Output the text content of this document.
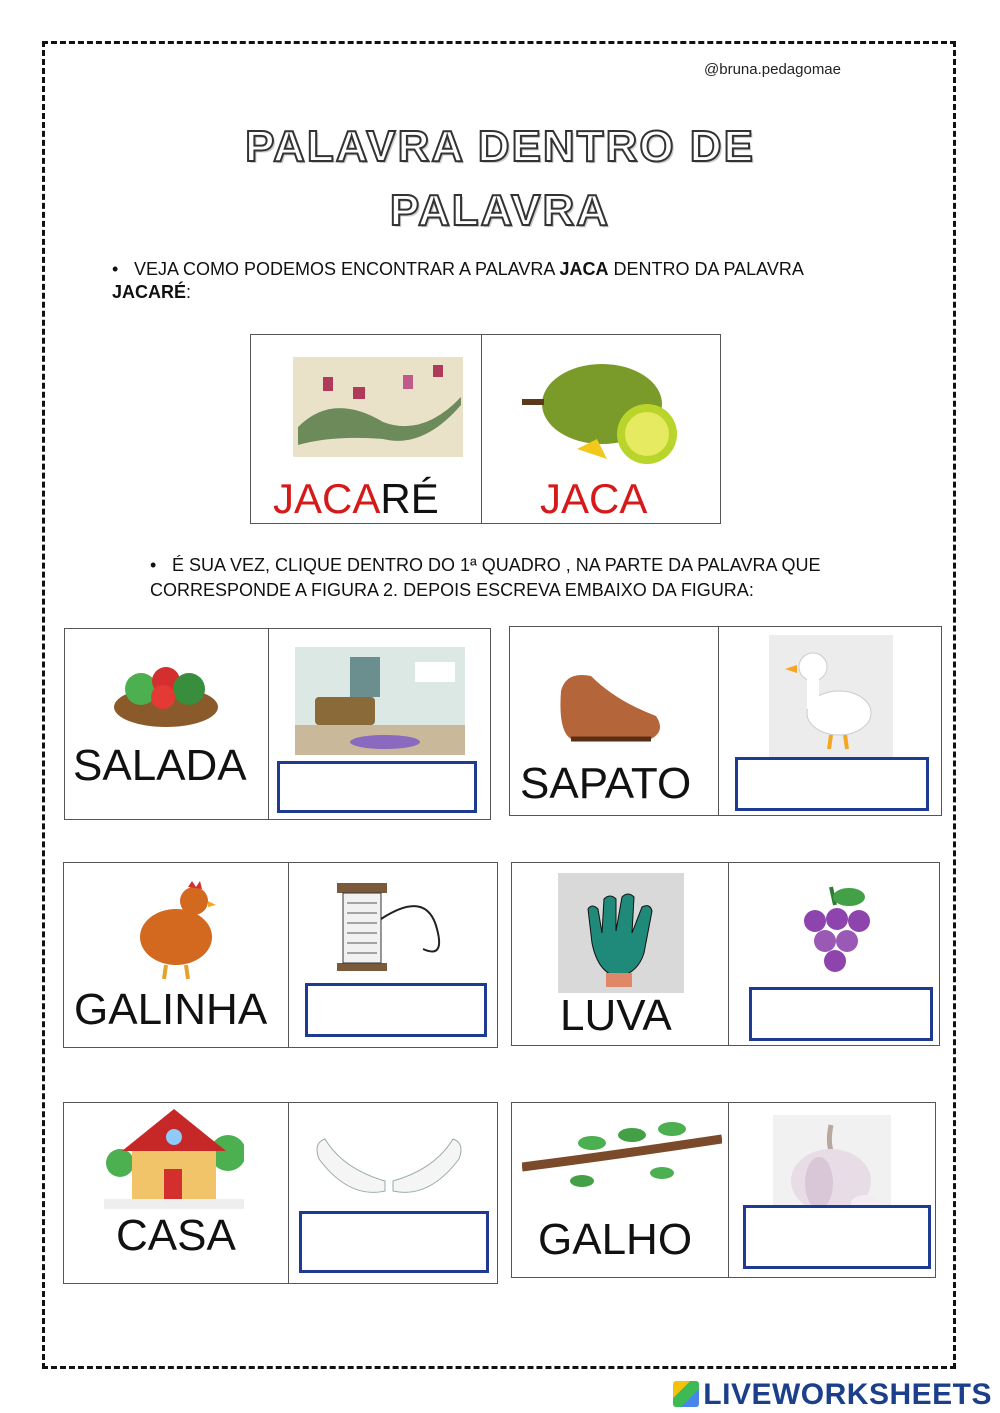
@bruna.pedagomae
PALAVRA DENTRO DE
PALAVRA
• VEJA COMO PODEMOS ENCONTRAR A PALAVRA JACA DENTRO DA PALAVRA JACARÉ:
JACARÉ JACA
• É SUA VEZ, CLIQUE DENTRO DO 1ª QUADRO , NA PARTE DA PALAVRA QUE CORRESPONDE A FIGURA 2. DEPOIS ESCREVA EMBAIXO DA FIGURA:
SALADA	SAPATO
GALINHA	LUVA
CASA	GALHO
LIVEWORKSHEETS
